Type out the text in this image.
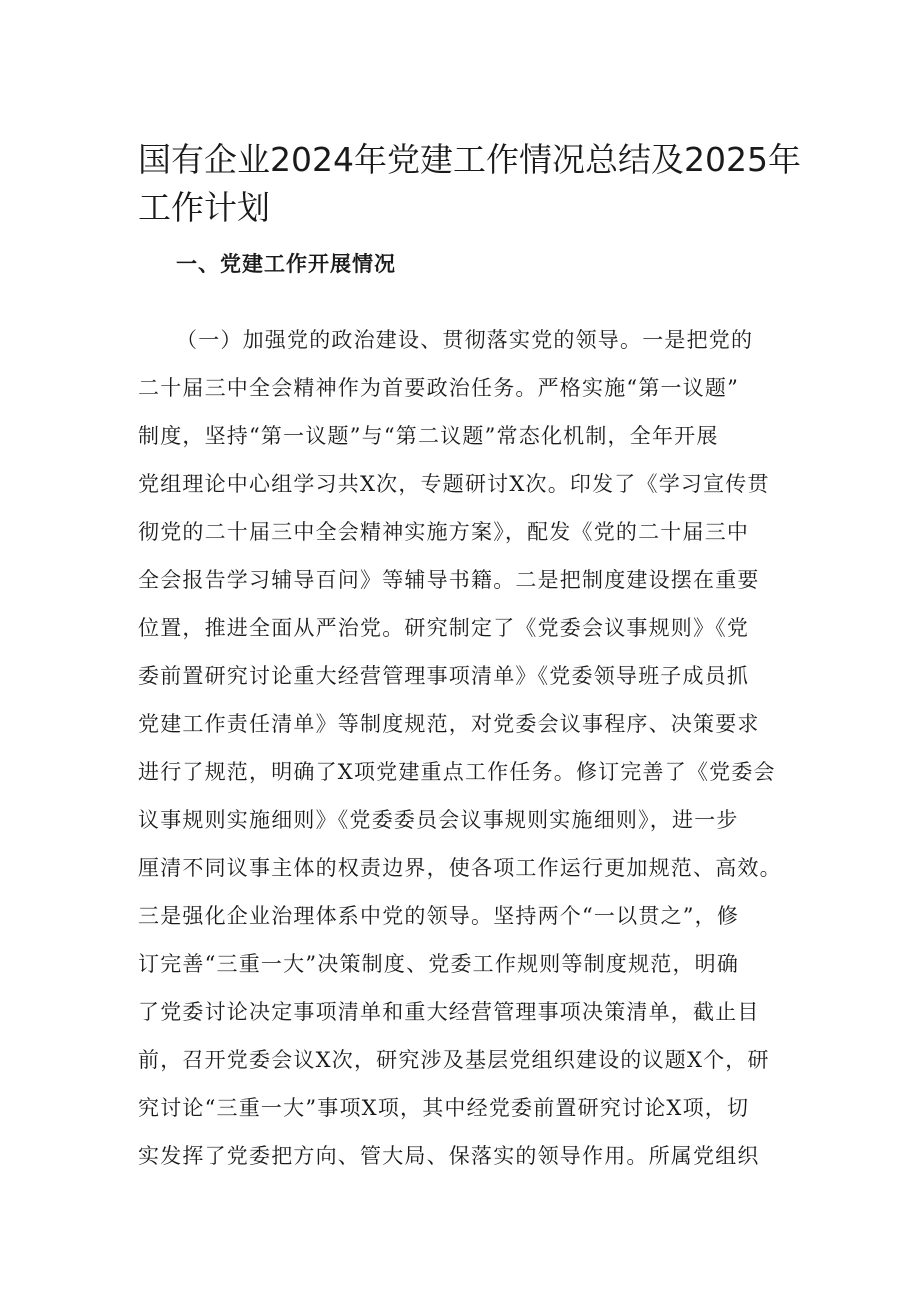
国有企业2024年党建工作情况总结及2025年
工作计划
一、党建工作开展情况
（一）加强党的政治建设、贯彻落实党的领导。一是把党的
二十届三中全会精神作为首要政治任务。严格实施“第一议题”
制度，坚持“第一议题”与“第二议题”常态化机制，全年开展
党组理论中心组学习共X次，专题研讨X次。印发了《学习宣传贯
彻党的二十届三中全会精神实施方案》，配发《党的二十届三中
全会报告学习辅导百问》等辅导书籍。二是把制度建设摆在重要
位置，推进全面从严治党。研究制定了《党委会议事规则》《党
委前置研究讨论重大经营管理事项清单》《党委领导班子成员抓
党建工作责任清单》等制度规范，对党委会议事程序、决策要求
进行了规范，明确了X项党建重点工作任务。修订完善了《党委会
议事规则实施细则》《党委委员会议事规则实施细则》，进一步
厘清不同议事主体的权责边界，使各项工作运行更加规范、高效。
三是强化企业治理体系中党的领导。坚持两个“一以贯之”，修
订完善“三重一大”决策制度、党委工作规则等制度规范，明确
了党委讨论决定事项清单和重大经营管理事项决策清单，截止目
前，召开党委会议X次，研究涉及基层党组织建设的议题X个，研
究讨论“三重一大”事项X项，其中经党委前置研究讨论X项，切
实发挥了党委把方向、管大局、保落实的领导作用。所属党组织
